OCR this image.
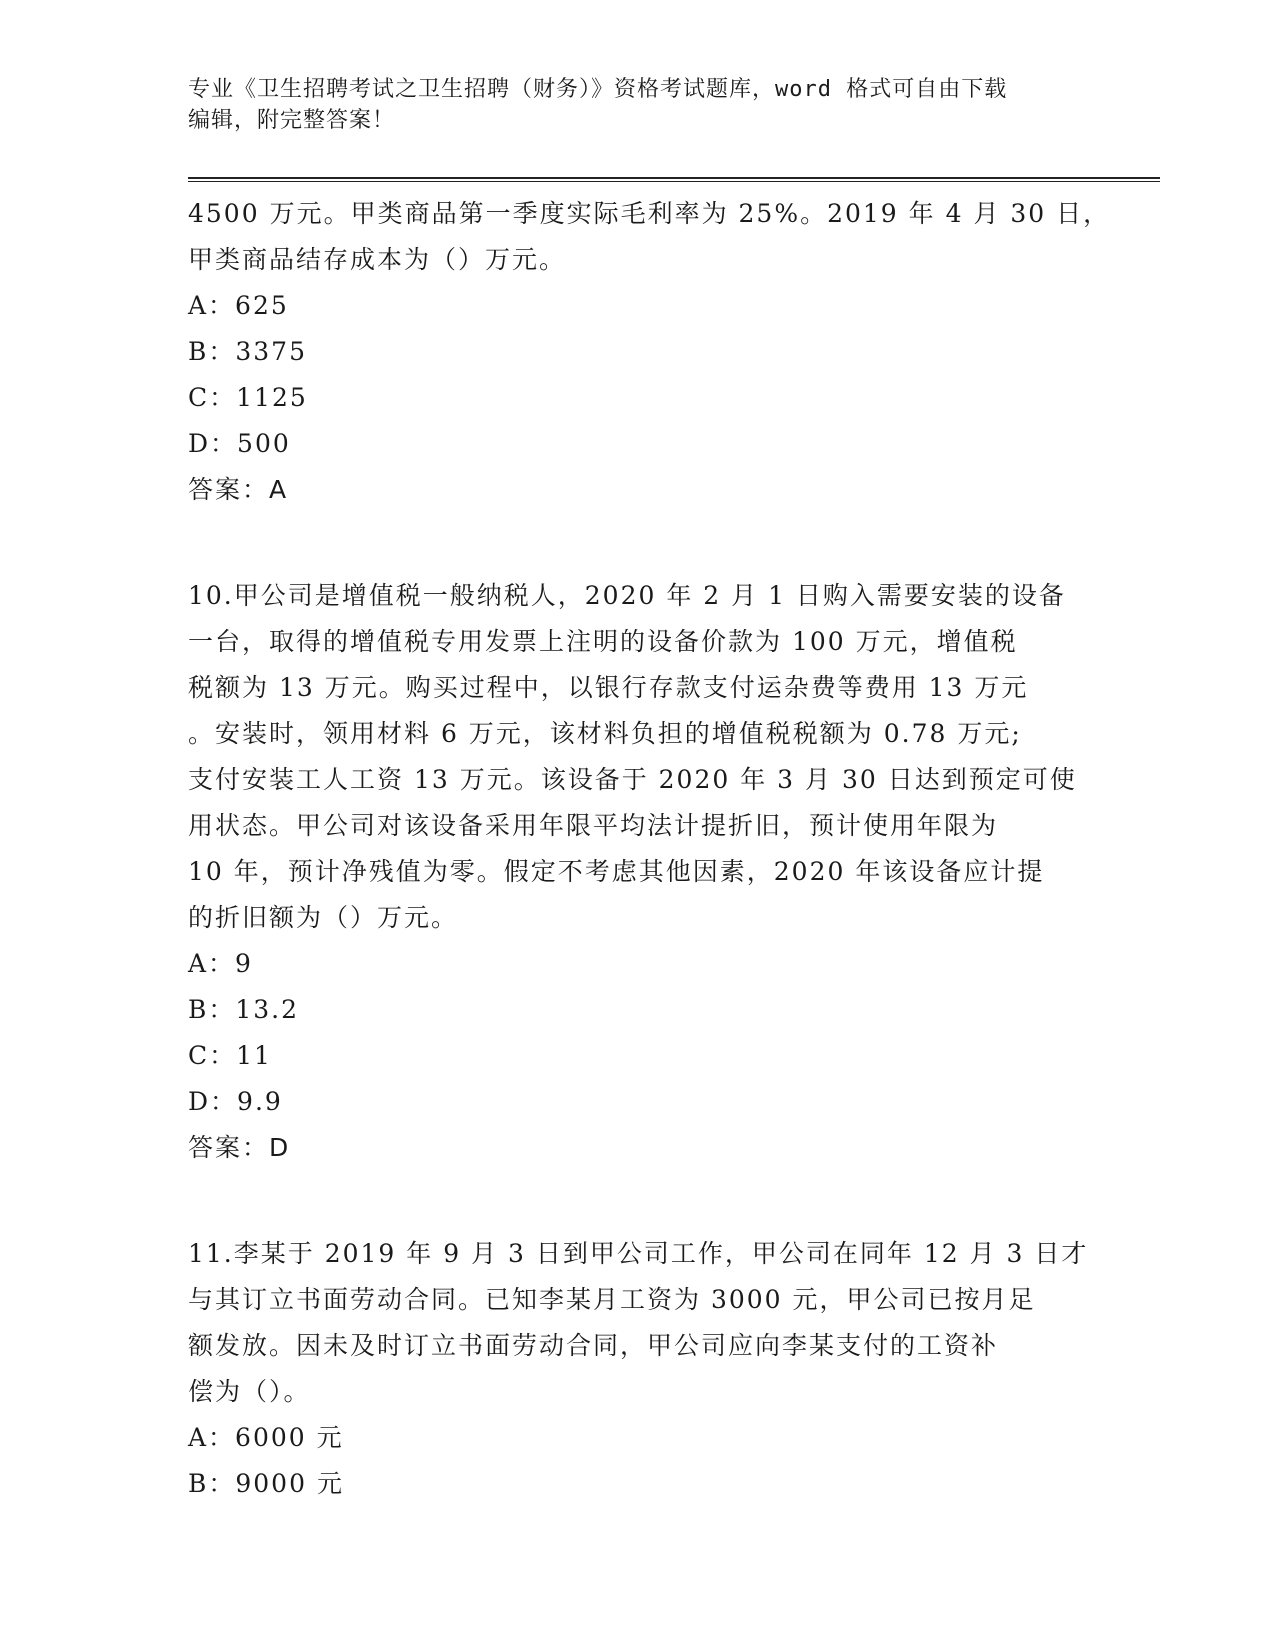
专业《卫生招聘考试之卫生招聘（财务）》资格考试题库，word 格式可自由下载
编辑，附完整答案！
4500 万元。甲类商品第一季度实际毛利率为 25%。2019 年 4 月 30 日，
甲类商品结存成本为（）万元。
A：625
B：3375
C：1125
D：500
答案：A
10.甲公司是增值税一般纳税人，2020 年 2 月 1 日购入需要安装的设备
一台，取得的增值税专用发票上注明的设备价款为 100 万元，增值税
税额为 13 万元。购买过程中，以银行存款支付运杂费等费用 13 万元
。安装时，领用材料 6 万元，该材料负担的增值税税额为 0.78 万元;
支付安装工人工资 13 万元。该设备于 2020 年 3 月 30 日达到预定可使
用状态。甲公司对该设备采用年限平均法计提折旧，预计使用年限为
10 年，预计净残值为零。假定不考虑其他因素，2020 年该设备应计提
的折旧额为（）万元。
A：9
B：13.2
C：11
D：9.9
答案：D
11.李某于 2019 年 9 月 3 日到甲公司工作，甲公司在同年 12 月 3 日才
与其订立书面劳动合同。已知李某月工资为 3000 元，甲公司已按月足
额发放。因未及时订立书面劳动合同，甲公司应向李某支付的工资补
偿为（）。
A：6000 元
B：9000 元
